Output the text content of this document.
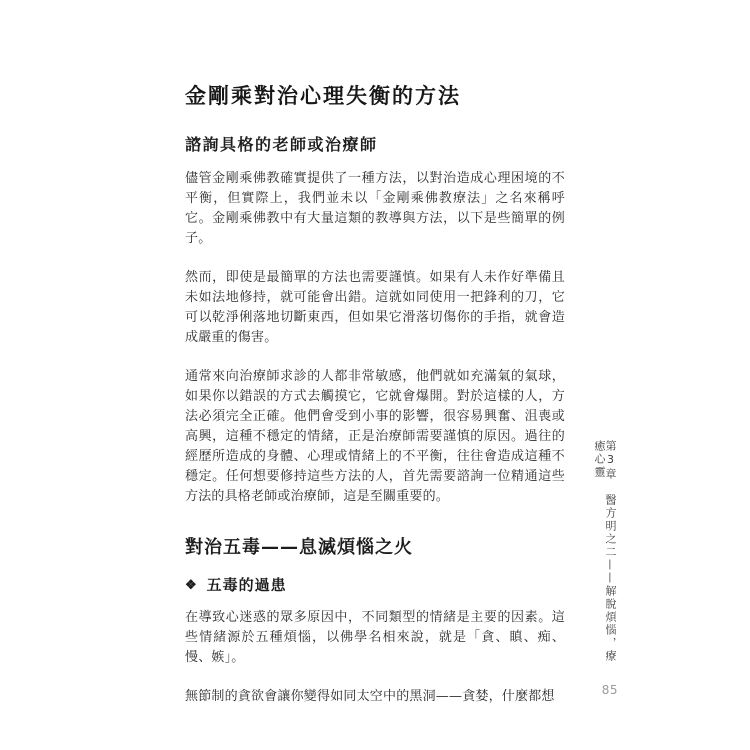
金剛乘對治心理失衡的方法
諮詢具格的老師或治療師

儘管金剛乘佛教確實提供了一種方法，以對治造成心理困境的不平衡，但實際上，我們並未以「金剛乘佛教療法」之名來稱呼它。金剛乘佛教中有大量這類的教導與方法，以下是些簡單的例子。

然而，即使是最簡單的方法也需要謹慎。如果有人未作好準備且未如法地修持，就可能會出錯。這就如同使用一把鋒利的刀，它可以乾淨俐落地切斷東西，但如果它滑落切傷你的手指，就會造成嚴重的傷害。

通常來向治療師求診的人都非常敏感，他們就如充滿氣的氣球，如果你以錯誤的方式去觸摸它，它就會爆開。對於這樣的人，方法必須完全正確。他們會受到小事的影響，很容易興奮、沮喪或高興，這種不穩定的情緒，正是治療師需要謹慎的原因。過往的經歷所造成的身體、心理或情緒上的不平衡，往往會造成這種不穩定。任何想要修持這些方法的人，首先需要諮詢一位精通這些方法的具格老師或治療師，這是至關重要的。

對治五毒——息滅煩惱之火
❖ 五毒的過患

在導致心迷惑的眾多原因中，不同類型的情緒是主要的因素。這些情緒源於五種煩惱，以佛學名相來說，就是「貪、瞋、痴、慢、嫉」。

無節制的貪欲會讓你變得如同太空中的黑洞——貪婪，什麼都想

第3章醫方明之二——解脫煩惱，療癒心靈
85
